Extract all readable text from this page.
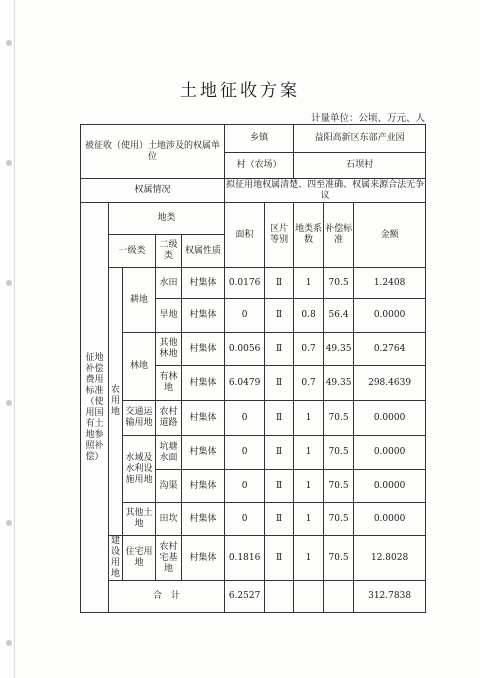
土地征收方案
计量单位：公顷、万元、人
被征收（使用）土地涉及的权属单位					乡镇		益阳高新区东部产业园		
					村（农场）		石坝村		
权属情况					拟征用地权属清楚、四至准确、权属来源合法无争议				
征地补偿费用标准（使用国有土地参照补偿）	地类				面积	区片等别	地类系数	补偿标准	金额
	一级类		二级类	权属性质					
	农用地	耕地	水田	村集体	0.0176	Ⅱ	1	70.5	1.2408
			旱地	村集体	0	Ⅱ	0.8	56.4	0.0000
		林地	其他林地	村集体	0.0056	Ⅱ	0.7	49.35	0.2764
			有林地	村集体	6.0479	Ⅱ	0.7	49.35	298.4639
		交通运输用地	农村道路	村集体	0	Ⅱ	1	70.5	0.0000
		水域及水利设施用地	坑塘水面	村集体	0	Ⅱ	1	70.5	0.0000
			沟渠	村集体	0	Ⅱ	1	70.5	0.0000
		其他土地	田坎	村集体	0	Ⅱ	1	70.5	0.0000
	建设用地	住宅用地	农村宅基地	村集体	0.1816	Ⅱ	1	70.5	12.8028
	合　计				6.2527				312.7838
